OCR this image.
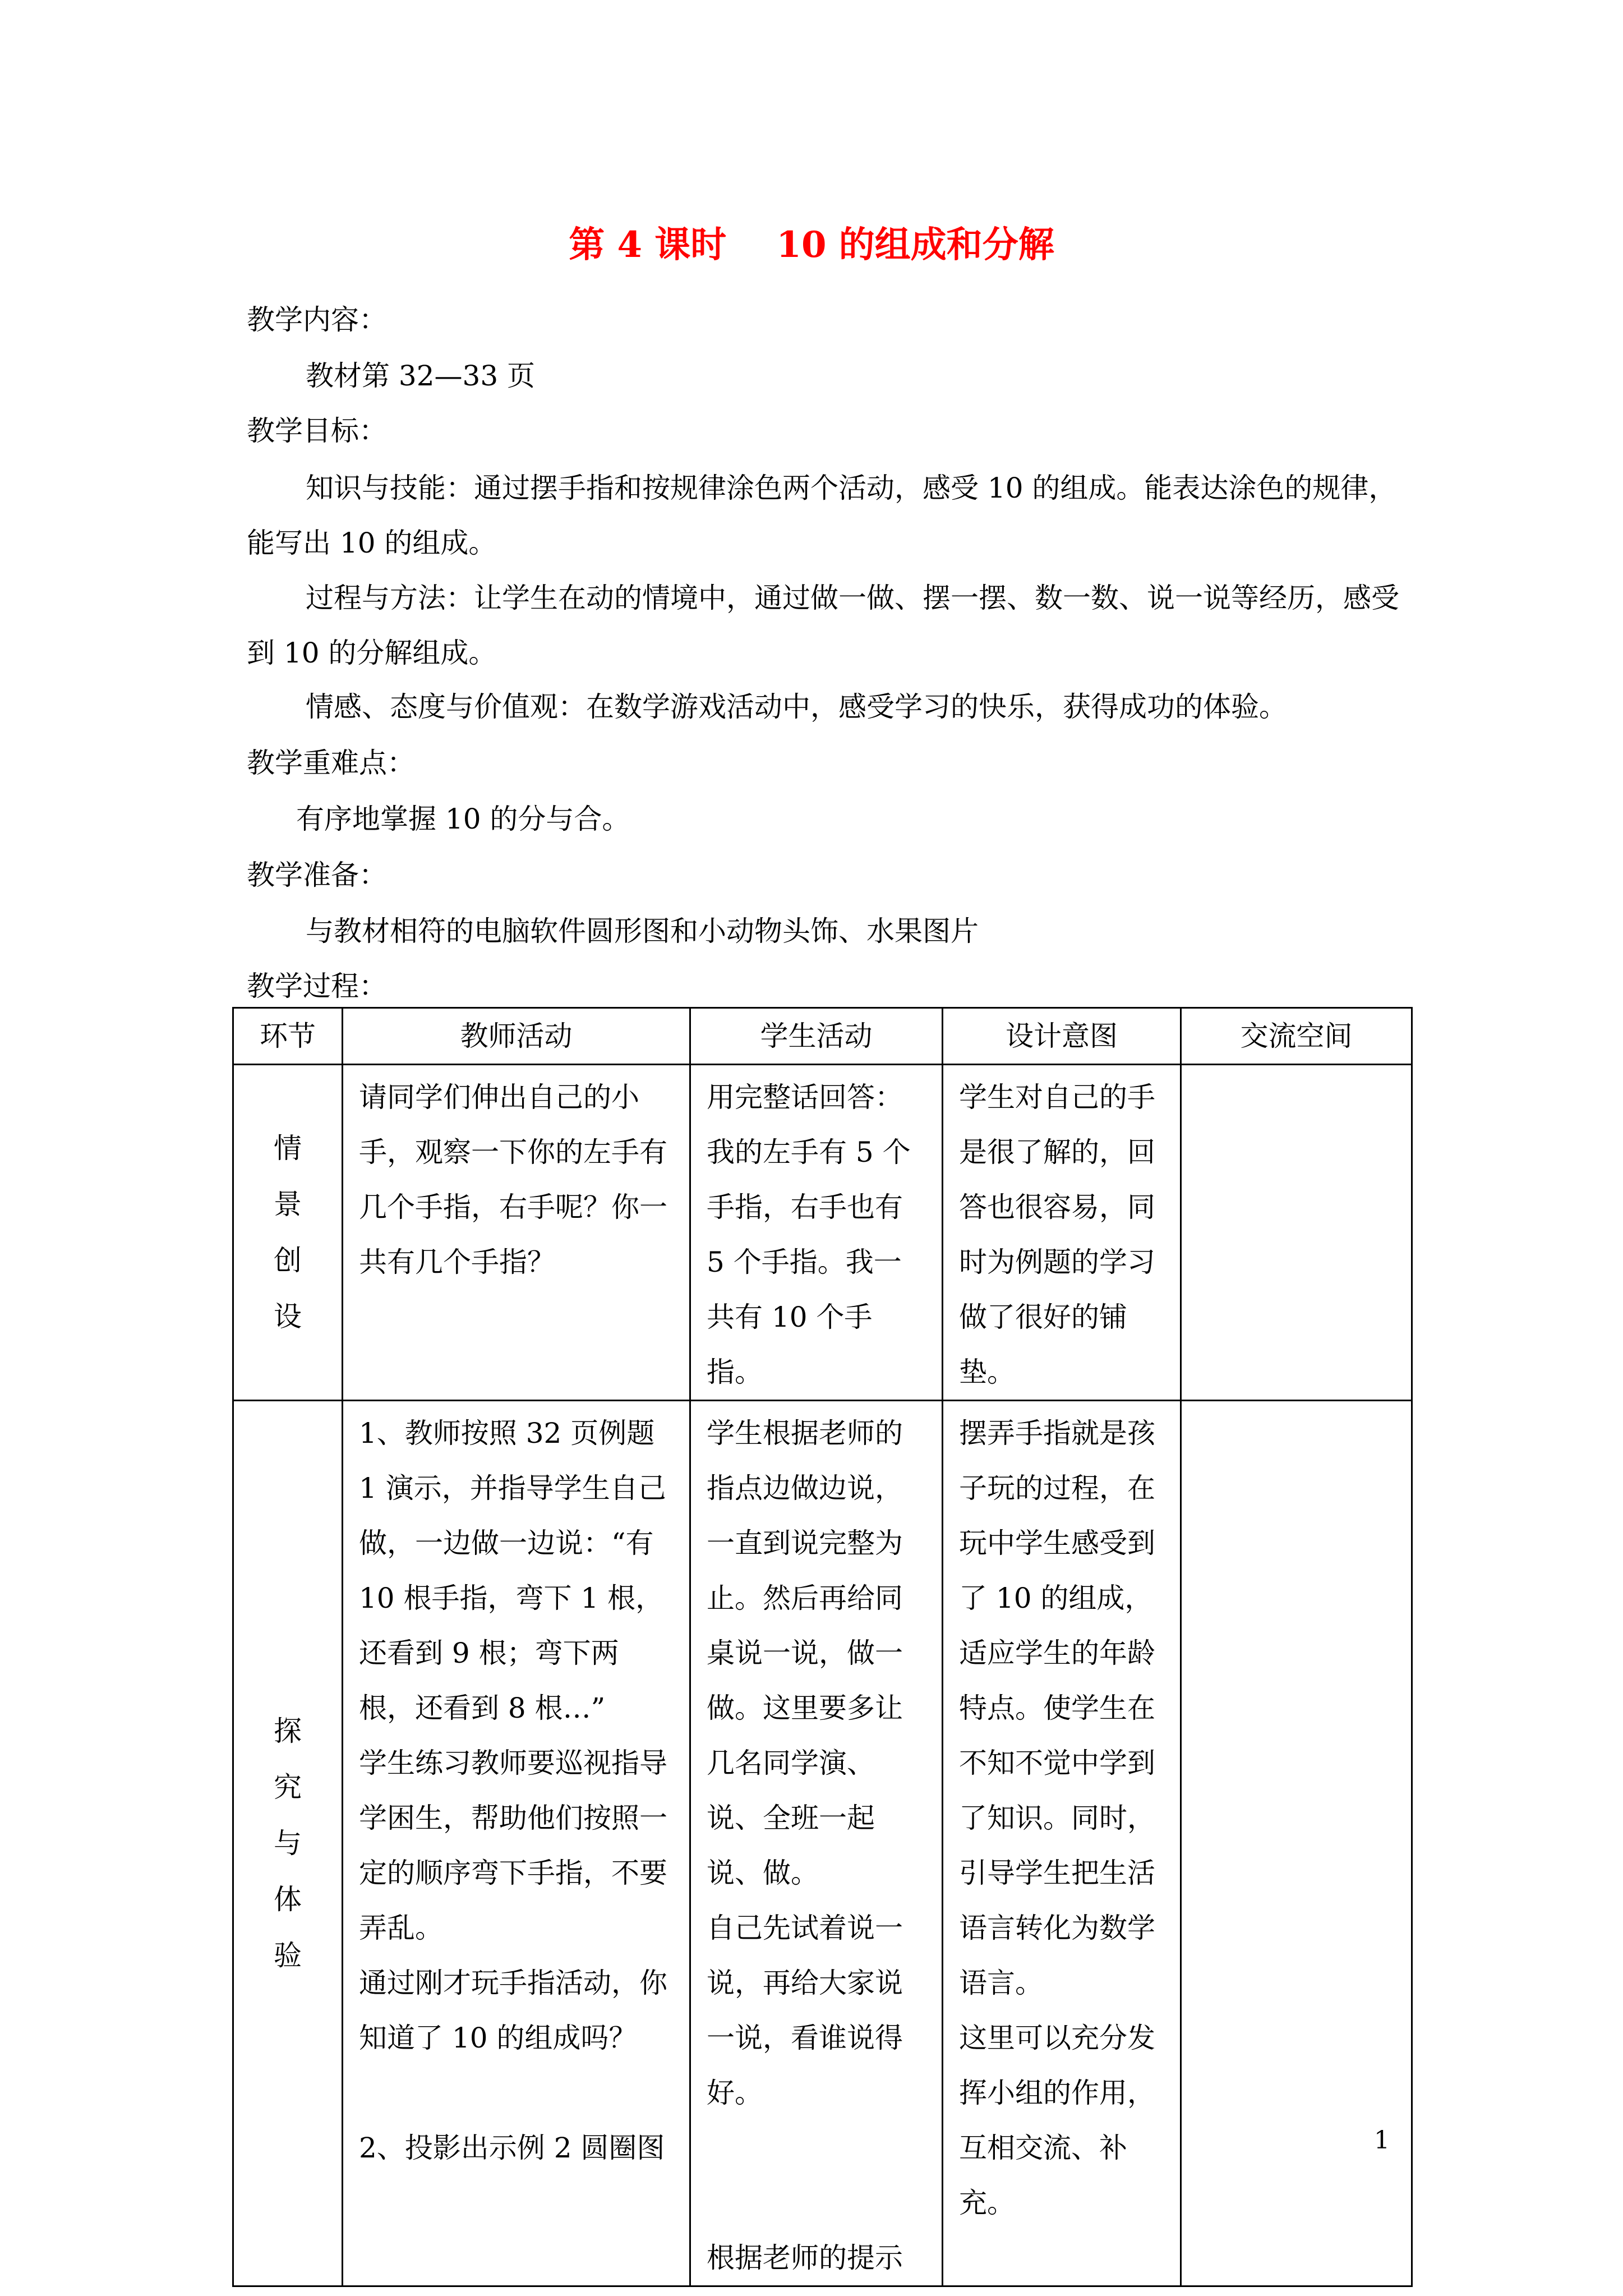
第 4 课时    10 的组成和分解
教学内容：
教材第 32—33 页
教学目标：
知识与技能：通过摆手指和按规律涂色两个活动，感受 10 的组成。能表达涂色的规律，能写出 10 的组成。
过程与方法：让学生在动的情境中，通过做一做、摆一摆、数一数、说一说等经历，感受到 10 的分解组成。
情感、态度与价值观：在数学游戏活动中，感受学习的快乐，获得成功的体验。
教学重难点：
有序地掌握 10 的分与合。
教学准备：
与教材相符的电脑软件圆形图和小动物头饰、水果图片
教学过程：
环节	教师活动	学生活动	设计意图	交流空间
情景创设	请同学们伸出自己的小手，观察一下你的左手有几个手指，右手呢？你一共有几个手指？	用完整话回答：我的左手有 5 个手指，右手也有 5 个手指。我一共有 10 个手指。	学生对自己的手是很了解的，回答也很容易，同时为例题的学习做了很好的铺垫。	
探究与体验	1、教师按照 32 页例题 1 演示，并指导学生自己做，一边做一边说：“有 10 根手指，弯下 1 根，还看到 9 根；弯下两根，还看到 8 根…”
学生练习教师要巡视指导学困生，帮助他们按照一定的顺序弯下手指，不要弄乱。
通过刚才玩手指活动，你知道了 10 的组成吗？
2、投影出示例 2 圆圈图	学生根据老师的指点边做边说，一直到说完整为止。然后再给同桌说一说，做一做。这里要多让几名同学演、说、全班一起说、做。
自己先试着说一说，再给大家说一说，看谁说得好。
根据老师的提示	摆弄手指就是孩子玩的过程，在玩中学生感受到了 10 的组成，适应学生的年龄特点。使学生在不知不觉中学到了知识。同时，引导学生把生活语言转化为数学语言。
这里可以充分发挥小组的作用，互相交流、补充。	

1
